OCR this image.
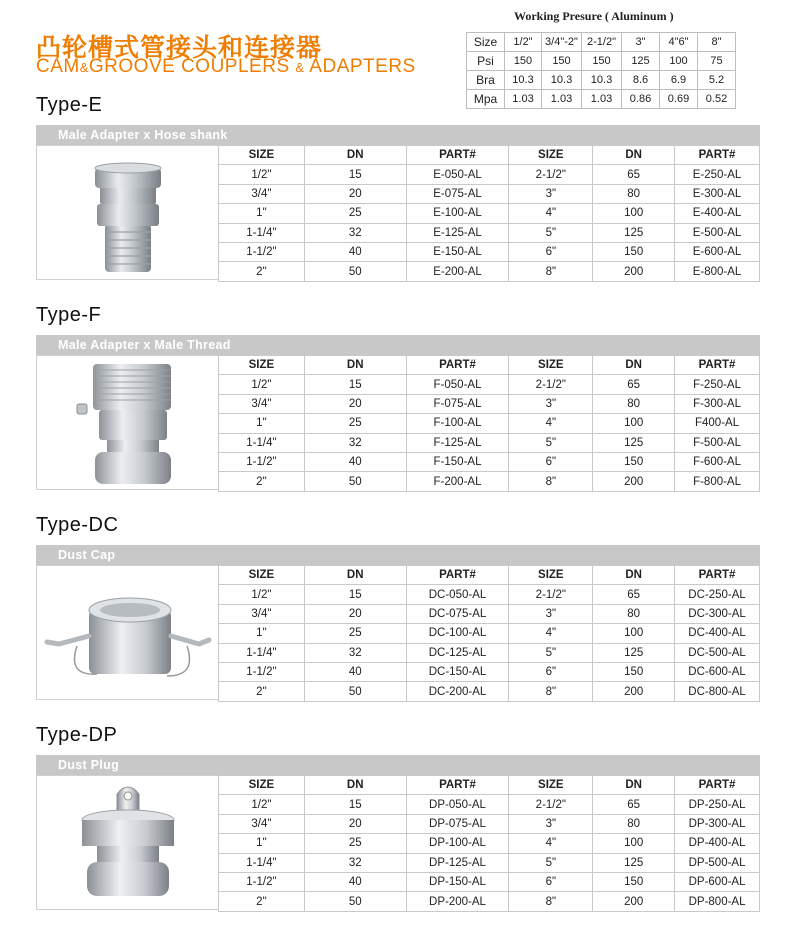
凸轮槽式管接头和连接器
CAM&GROOVE COUPLERS & ADAPTERS
Working Presure ( Aluminum )
Size	1/2"	3/4"-2"	2-1/2"	3"	4"6"	8"
Psi	150	150	150	125	100	75
Bra	10.3	10.3	10.3	8.6	6.9	5.2
Mpa	1.03	1.03	1.03	0.86	0.69	0.52
Type-E
Male Adapter x Hose shank
SIZE	DN	PART#	SIZE	DN	PART#
1/2"	15	E-050-AL	2-1/2"	65	E-250-AL
3/4"	20	E-075-AL	3"	80	E-300-AL
1"	25	E-100-AL	4"	100	E-400-AL
1-1/4"	32	E-125-AL	5"	125	E-500-AL
1-1/2"	40	E-150-AL	6"	150	E-600-AL
2"	50	E-200-AL	8"	200	E-800-AL
Type-F
Male Adapter x Male Thread
SIZE	DN	PART#	SIZE	DN	PART#
1/2"	15	F-050-AL	2-1/2"	65	F-250-AL
3/4"	20	F-075-AL	3"	80	F-300-AL
1"	25	F-100-AL	4"	100	F400-AL
1-1/4"	32	F-125-AL	5"	125	F-500-AL
1-1/2"	40	F-150-AL	6"	150	F-600-AL
2"	50	F-200-AL	8"	200	F-800-AL
Type-DC
Dust Cap
SIZE	DN	PART#	SIZE	DN	PART#
1/2"	15	DC-050-AL	2-1/2"	65	DC-250-AL
3/4"	20	DC-075-AL	3"	80	DC-300-AL
1"	25	DC-100-AL	4"	100	DC-400-AL
1-1/4"	32	DC-125-AL	5"	125	DC-500-AL
1-1/2"	40	DC-150-AL	6"	150	DC-600-AL
2"	50	DC-200-AL	8"	200	DC-800-AL
Type-DP
Dust Plug
SIZE	DN	PART#	SIZE	DN	PART#
1/2"	15	DP-050-AL	2-1/2"	65	DP-250-AL
3/4"	20	DP-075-AL	3"	80	DP-300-AL
1"	25	DP-100-AL	4"	100	DP-400-AL
1-1/4"	32	DP-125-AL	5"	125	DP-500-AL
1-1/2"	40	DP-150-AL	6"	150	DP-600-AL
2"	50	DP-200-AL	8"	200	DP-800-AL
